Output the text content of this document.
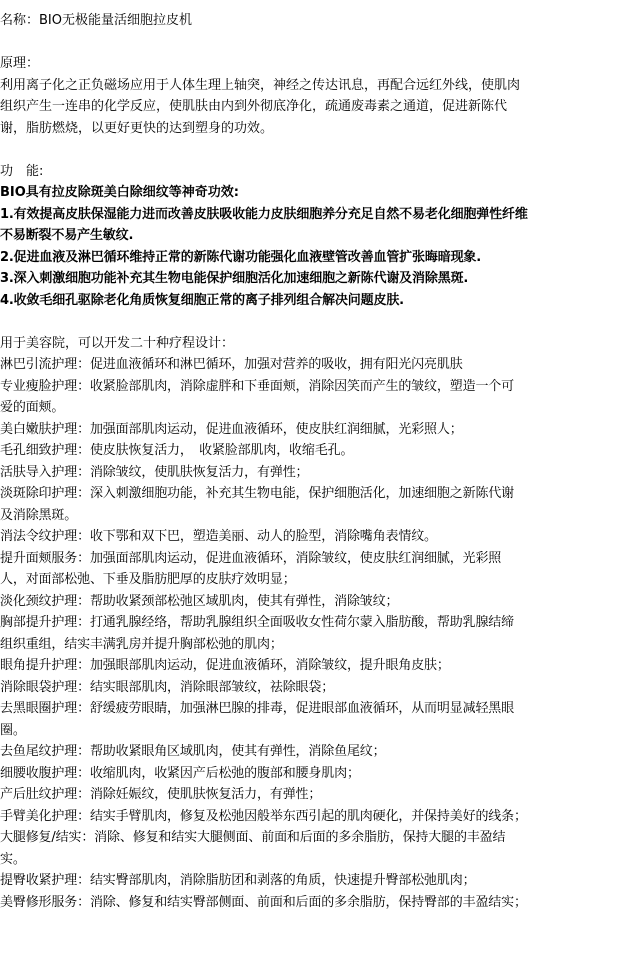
名称：BIO无极能量活细胞拉皮机

原理：

利用离子化之正负磁场应用于人体生理上轴突，神经之传达讯息，再配合远红外线，使肌肉

组织产生一连串的化学反应，使肌肤由内到外彻底净化，疏通废毒素之通道，促进新陈代

谢，脂肪燃烧，以更好更快的达到塑身的功效。

功　能:

BIO具有拉皮除斑美白除细纹等神奇功效:

1.有效提高皮肤保湿能力进而改善皮肤吸收能力皮肤细胞养分充足自然不易老化细胞弹性纤维

不易断裂不易产生敏纹.

2.促进血液及淋巴循环维持正常的新陈代谢功能强化血液壁管改善血管扩张晦暗现象.

3.深入刺激细胞功能补充其生物电能保护细胞活化加速细胞之新陈代谢及消除黑斑.

4.收敛毛细孔驱除老化角质恢复细胞正常的离子排列组合解决问题皮肤.

用于美容院，可以开发二十种疗程设计：

淋巴引流护理：促进血液循环和淋巴循环，加强对营养的吸收，拥有阳光闪亮肌肤

专业瘦脸护理：收紧脸部肌肉，消除虚胖和下垂面颊，消除因笑而产生的皱纹，塑造一个可

爱的面颊。

美白嫩肤护理：加强面部肌肉运动，促进血液循环，使皮肤红润细腻，光彩照人；

毛孔细致护理：使皮肤恢复活力，　收紧脸部肌肉，收缩毛孔。

活肤导入护理：消除皱纹，使肌肤恢复活力，有弹性；

淡斑除印护理：深入刺激细胞功能，补充其生物电能，保护细胞活化，加速细胞之新陈代谢

及消除黑斑。

消法令纹护理：收下鄂和双下巴，塑造美丽、动人的脸型，消除嘴角表情纹。

提升面颊服务：加强面部肌肉运动，促进血液循环，消除皱纹，使皮肤红润细腻，光彩照

人，对面部松弛、下垂及脂肪肥厚的皮肤疗效明显；

淡化颈纹护理：帮助收紧颈部松弛区域肌肉，使其有弹性，消除皱纹；

胸部提升护理：打通乳腺经络，帮助乳腺组织全面吸收女性荷尔蒙入脂肪酸，帮助乳腺结缔

组织重组，结实丰满乳房并提升胸部松弛的肌肉；

眼角提升护理：加强眼部肌肉运动，促进血液循环，消除皱纹，提升眼角皮肤；

消除眼袋护理：结实眼部肌肉，消除眼部皱纹，祛除眼袋；

去黑眼圈护理：舒缓疲劳眼睛，加强淋巴腺的排毒，促进眼部血液循环，从而明显减轻黑眼

圈。

去鱼尾纹护理：帮助收紧眼角区域肌肉，使其有弹性，消除鱼尾纹；

细腰收腹护理：收缩肌肉，收紧因产后松弛的腹部和腰身肌肉；

产后肚纹护理：消除妊娠纹，使肌肤恢复活力，有弹性；

手臂美化护理：结实手臂肌肉，修复及松弛因般举东西引起的肌肉硬化，并保持美好的线条；

大腿修复/结实：消除、修复和结实大腿侧面、前面和后面的多余脂肪，保持大腿的丰盈结

实。

提臀收紧护理：结实臀部肌肉，消除脂肪团和剥落的角质，快速提升臀部松弛肌肉；

美臀修形服务：消除、修复和结实臀部侧面、前面和后面的多余脂肪，保持臀部的丰盈结实；
